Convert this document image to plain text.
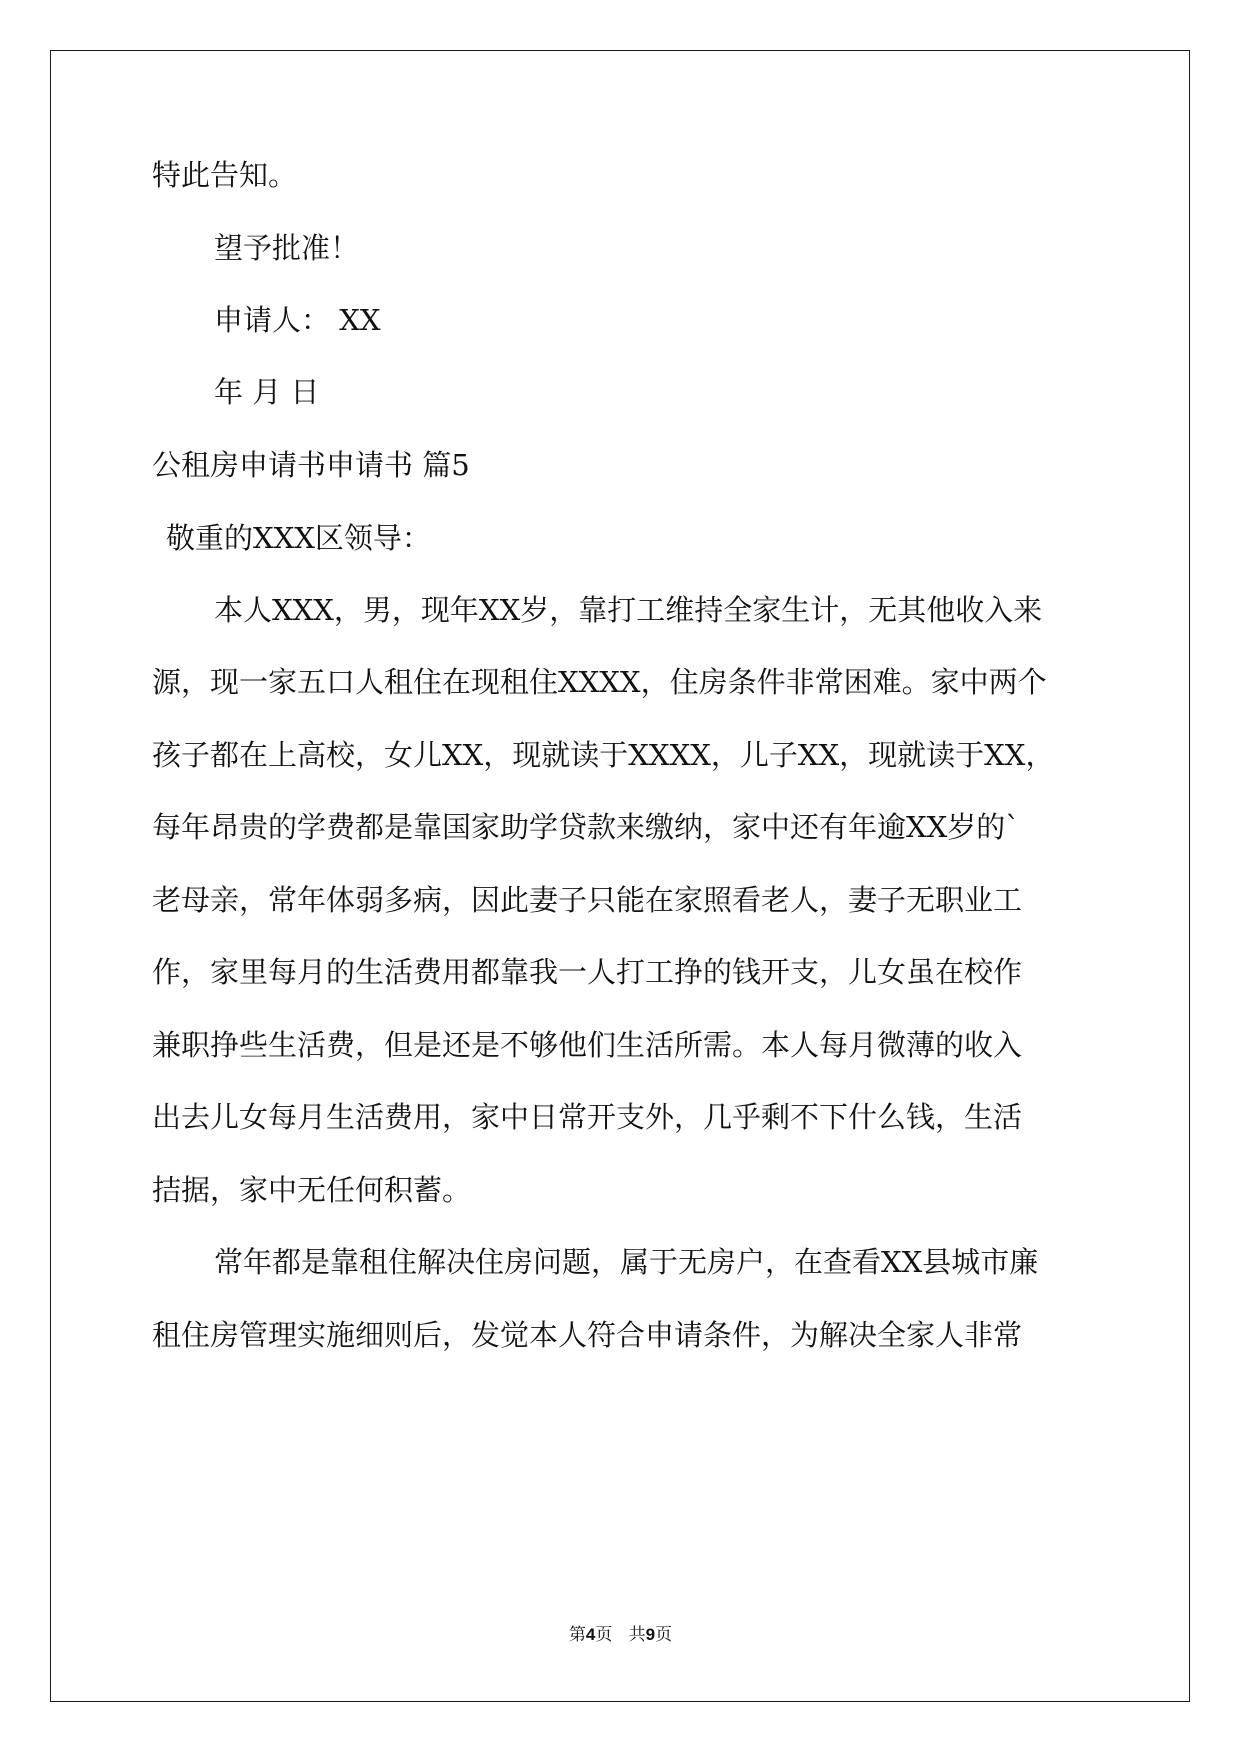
特此告知。

望予批准！

申请人： XX

年 月 日

公租房申请书申请书 篇5

敬重的XXX区领导：

本人XXX，男，现年XX岁，靠打工维持全家生计，无其他收入来

源，现一家五口人租住在现租住XXXX，住房条件非常困难。家中两个

孩子都在上高校，女儿XX，现就读于XXXX，儿子XX，现就读于XX，

每年昂贵的学费都是靠国家助学贷款来缴纳，家中还有年逾XX岁的`

老母亲，常年体弱多病，因此妻子只能在家照看老人，妻子无职业工

作，家里每月的生活费用都靠我一人打工挣的钱开支，儿女虽在校作

兼职挣些生活费，但是还是不够他们生活所需。本人每月微薄的收入

出去儿女每月生活费用，家中日常开支外，几乎剩不下什么钱，生活

拮据，家中无任何积蓄。

常年都是靠租住解决住房问题，属于无房户，在查看XX县城市廉

租住房管理实施细则后，发觉本人符合申请条件，为解决全家人非常

第4页 共9页
